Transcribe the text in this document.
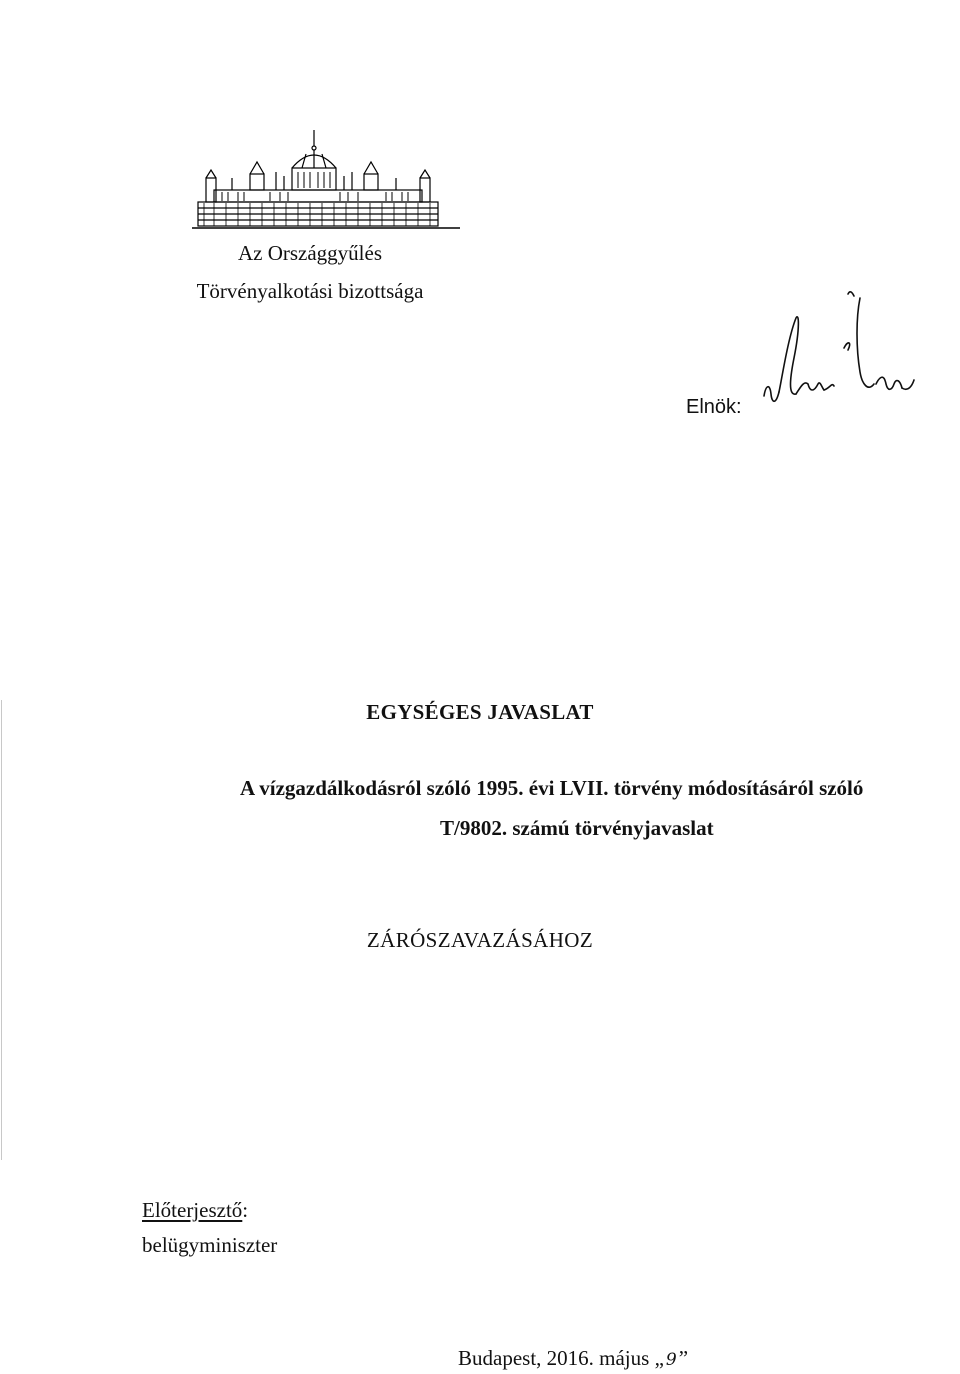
Az Országgyűlés
Törvényalkotási bizottsága
Elnök:
EGYSÉGES JAVASLAT
A vízgazdálkodásról szóló 1995. évi LVII. törvény módosításáról szóló
T/9802. számú törvényjavaslat
ZÁRÓSZAVAZÁSÁHOZ
Előterjesztő:
belügyminiszter
Budapest, 2016. május „ 9”
